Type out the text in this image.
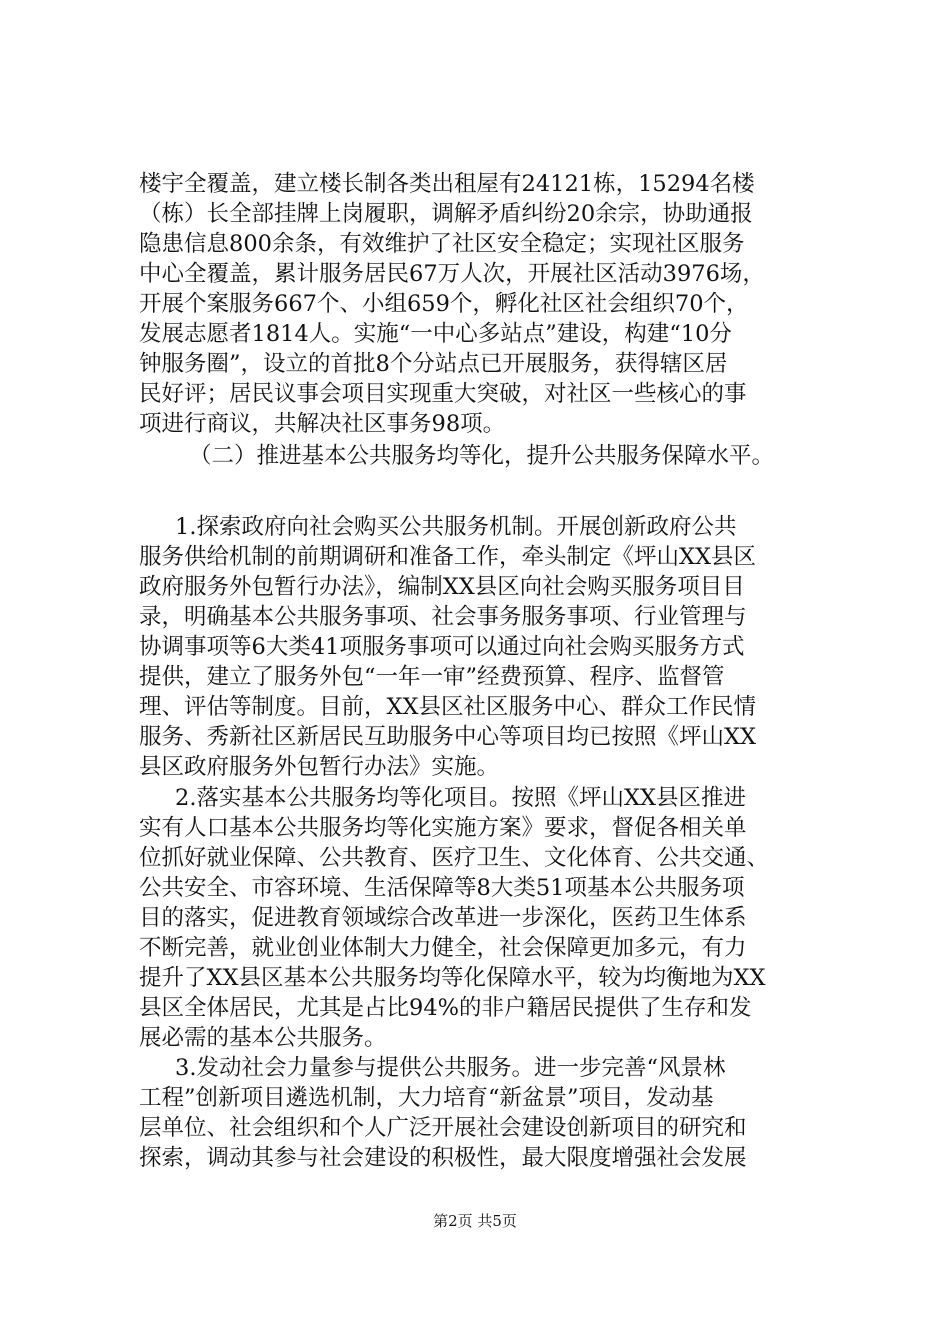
楼宇全覆盖，建立楼长制各类出租屋有24121栋，15294名楼
（栋）长全部挂牌上岗履职，调解矛盾纠纷20余宗，协助通报
隐患信息800余条，有效维护了社区安全稳定；实现社区服务
中心全覆盖，累计服务居民67万人次，开展社区活动3976场，
开展个案服务667个、小组659个，孵化社区社会组织70个，
发展志愿者1814人。实施“一中心多站点”建设，构建“10分
钟服务圈”，设立的首批8个分站点已开展服务，获得辖区居
民好评；居民议事会项目实现重大突破，对社区一些核心的事
项进行商议，共解决社区事务98项。
（二）推进基本公共服务均等化，提升公共服务保障水平。
1.探索政府向社会购买公共服务机制。开展创新政府公共
服务供给机制的前期调研和准备工作，牵头制定《坪山XX县区
政府服务外包暂行办法》，编制XX县区向社会购买服务项目目
录，明确基本公共服务事项、社会事务服务事项、行业管理与
协调事项等6大类41项服务事项可以通过向社会购买服务方式
提供，建立了服务外包“一年一审”经费预算、程序、监督管
理、评估等制度。目前，XX县区社区服务中心、群众工作民情
服务、秀新社区新居民互助服务中心等项目均已按照《坪山XX
县区政府服务外包暂行办法》实施。
2.落实基本公共服务均等化项目。按照《坪山XX县区推进
实有人口基本公共服务均等化实施方案》要求，督促各相关单
位抓好就业保障、公共教育、医疗卫生、文化体育、公共交通、
公共安全、市容环境、生活保障等8大类51项基本公共服务项
目的落实，促进教育领域综合改革进一步深化，医药卫生体系
不断完善，就业创业体制大力健全，社会保障更加多元，有力
提升了XX县区基本公共服务均等化保障水平，较为均衡地为XX
县区全体居民，尤其是占比94%的非户籍居民提供了生存和发
展必需的基本公共服务。
3.发动社会力量参与提供公共服务。进一步完善“风景林
工程”创新项目遴选机制，大力培育“新盆景”项目，发动基
层单位、社会组织和个人广泛开展社会建设创新项目的研究和
探索，调动其参与社会建设的积极性，最大限度增强社会发展
第2页 共5页
